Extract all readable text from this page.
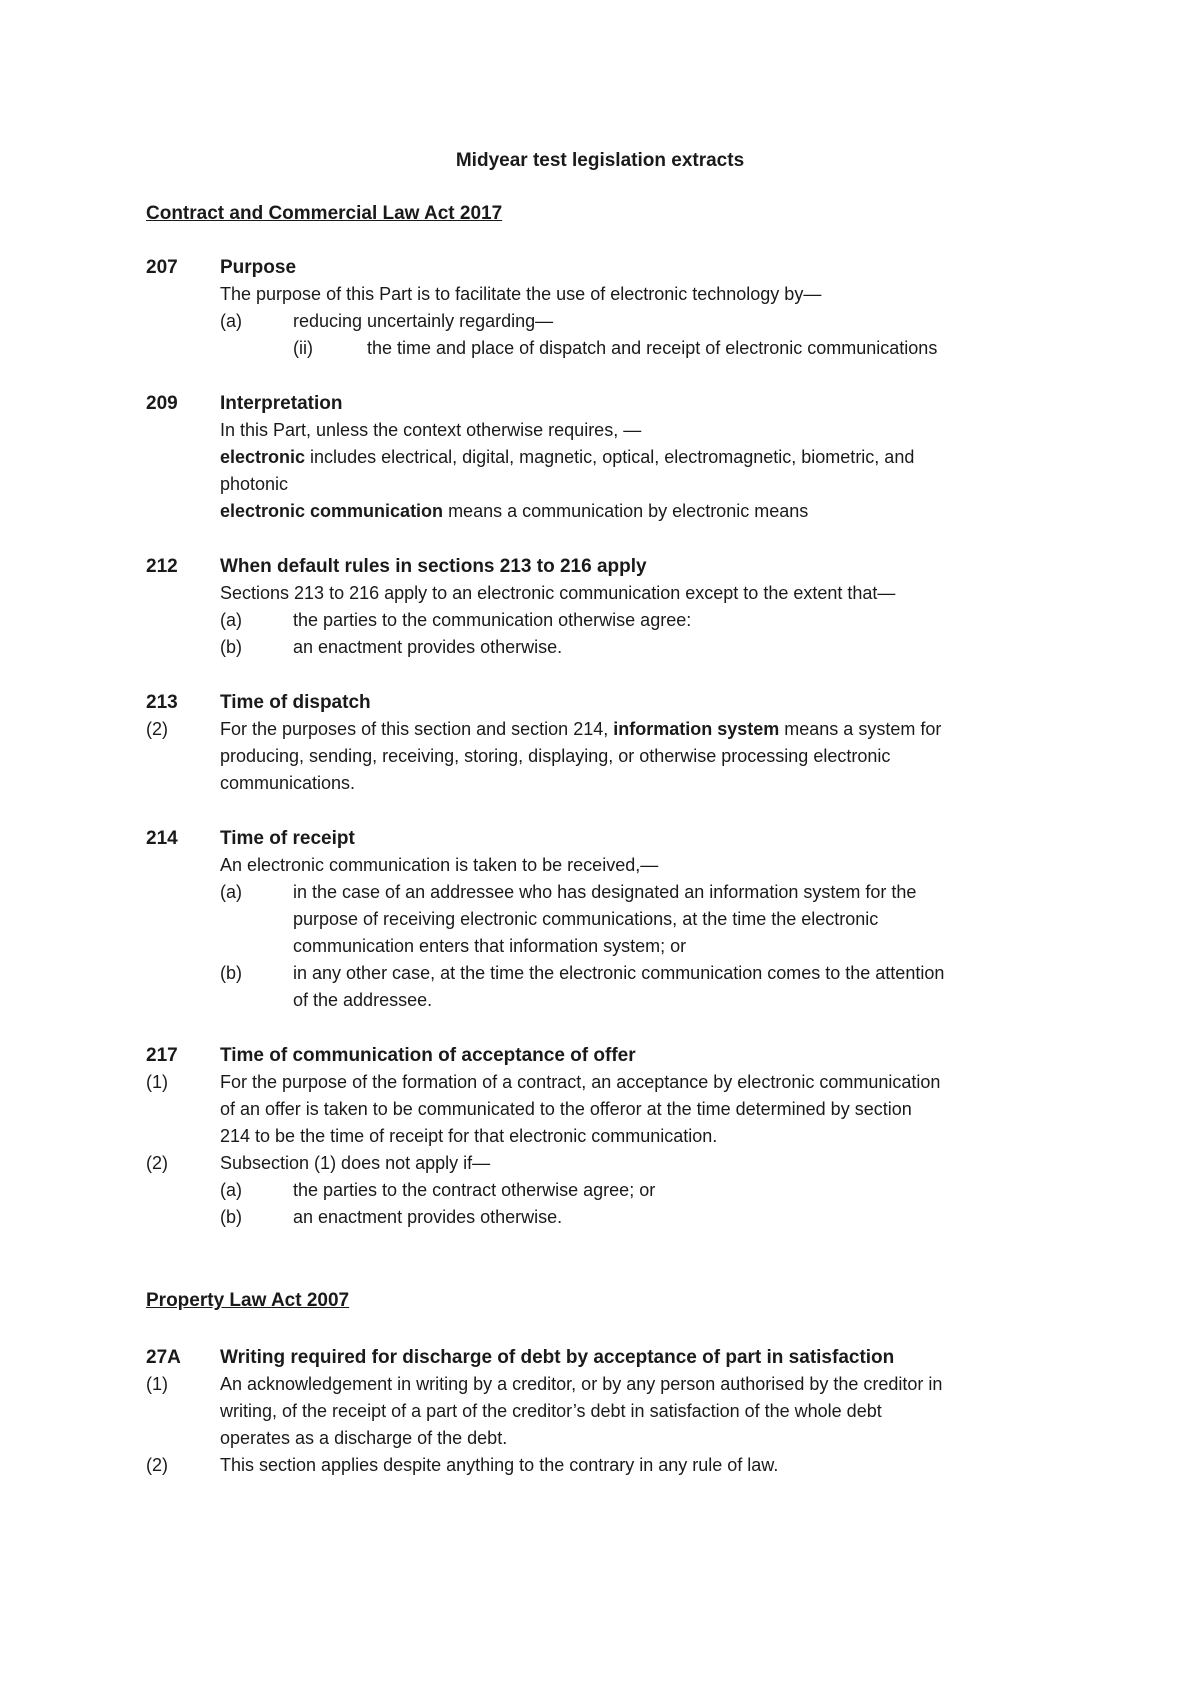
Midyear test legislation extracts
Contract and Commercial Law Act 2017

207 Purpose

The purpose of this Part is to facilitate the use of electronic technology by—

(a)	reducing uncertainly regarding—

(ii)	the time and place of dispatch and receipt of electronic communications

209 Interpretation

In this Part, unless the context otherwise requires, —

electronic includes electrical, digital, magnetic, optical, electromagnetic, biometric, and

photonic

electronic communication means a communication by electronic means

212 When default rules in sections 213 to 216 apply

Sections 213 to 216 apply to an electronic communication except to the extent that—

(a)	the parties to the communication otherwise agree:

(b)	an enactment provides otherwise.

213 Time of dispatch

(2)	For the purposes of this section and section 214, information system means a system for

producing, sending, receiving, storing, displaying, or otherwise processing electronic

communications.

214 Time of receipt

An electronic communication is taken to be received,—

(a)	in the case of an addressee who has designated an information system for the

purpose of receiving electronic communications, at the time the electronic

communication enters that information system; or

(b)	in any other case, at the time the electronic communication comes to the attention

of the addressee.

217 Time of communication of acceptance of offer

(1)	For the purpose of the formation of a contract, an acceptance by electronic communication

of an offer is taken to be communicated to the offeror at the time determined by section

214 to be the time of receipt for that electronic communication.

(2)	Subsection (1) does not apply if—

(a)	the parties to the contract otherwise agree; or

(b)	an enactment provides otherwise.

Property Law Act 2007

27A Writing required for discharge of debt by acceptance of part in satisfaction

(1)	An acknowledgement in writing by a creditor, or by any person authorised by the creditor in

writing, of the receipt of a part of the creditor’s debt in satisfaction of the whole debt

operates as a discharge of the debt.

(2)	This section applies despite anything to the contrary in any rule of law.
